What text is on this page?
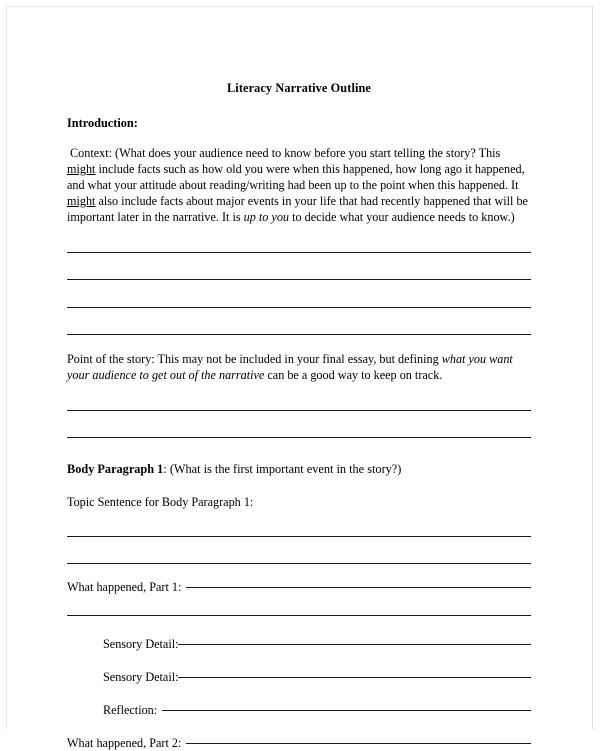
Literacy Narrative Outline
Introduction:

Context: (What does your audience need to know before you start telling the story? This might include facts such as how old you were when this happened, how long ago it happened, and what your attitude about reading/writing had been up to the point when this happened. It might also include facts about major events in your life that had recently happened that will be important later in the narrative. It is up to you to decide what your audience needs to know.)

Point of the story: This may not be included in your final essay, but defining what you want your audience to get out of the narrative can be a good way to keep on track.

Body Paragraph 1: (What is the first important event in the story?)

Topic Sentence for Body Paragraph 1:

What happened, Part 1:
Sensory Detail:
Sensory Detail:
Reflection:
What happened, Part 2:
